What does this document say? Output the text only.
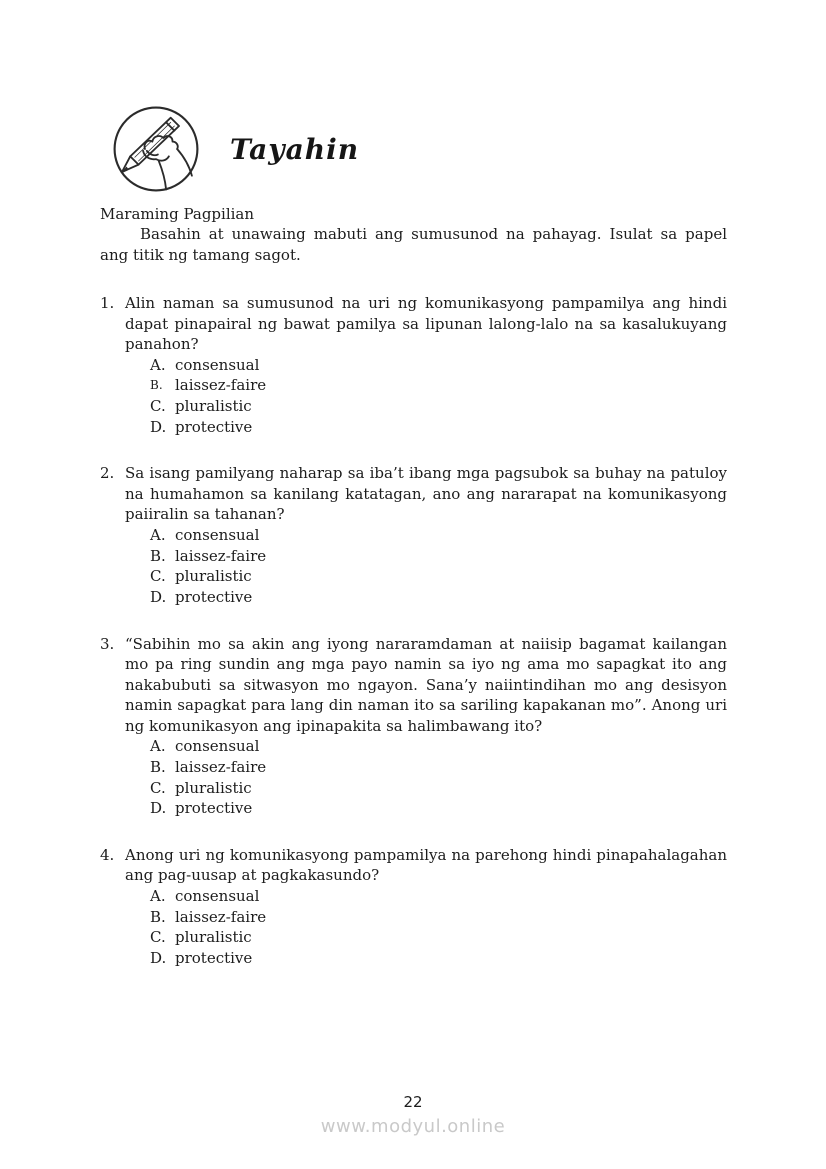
Tayahin
Maraming Pagpilian

Basahin at unawaing mabuti ang sumusunod na pahayag. Isulat sa papel ang titik ng tamang sagot.

1. Alin naman sa sumusunod na uri ng komunikasyong pampamilya ang hindi dapat pinapairal ng bawat pamilya sa lipunan lalong-lalo na sa kasalukuyang panahon?

A. consensual
B. laissez-faire
C. pluralistic
D. protective
2. Sa isang pamilyang naharap sa iba’t ibang mga pagsubok sa buhay na patuloy na humahamon sa kanilang katatagan, ano ang nararapat na komunikasyong paiiralin sa tahanan?

A. consensual
B. laissez-faire
C. pluralistic
D. protective
3. “Sabihin mo sa akin ang iyong nararamdaman at naiisip bagamat kailangan mo pa ring sundin ang mga payo namin sa iyo ng ama mo sapagkat ito ang nakabubuti sa sitwasyon mo ngayon. Sana’y naiintindihan mo ang desisyon namin sapagkat para lang din naman ito sa sariling kapakanan mo”. Anong uri ng komunikasyon ang ipinapakita sa halimbawang ito?

A. consensual
B. laissez-faire
C. pluralistic
D. protective
4. Anong uri ng komunikasyong pampamilya na parehong hindi pinapahalagahan ang pag-uusap at pagkakasundo?

A. consensual
B. laissez-faire
C. pluralistic
D. protective
22
www.modyul.online
